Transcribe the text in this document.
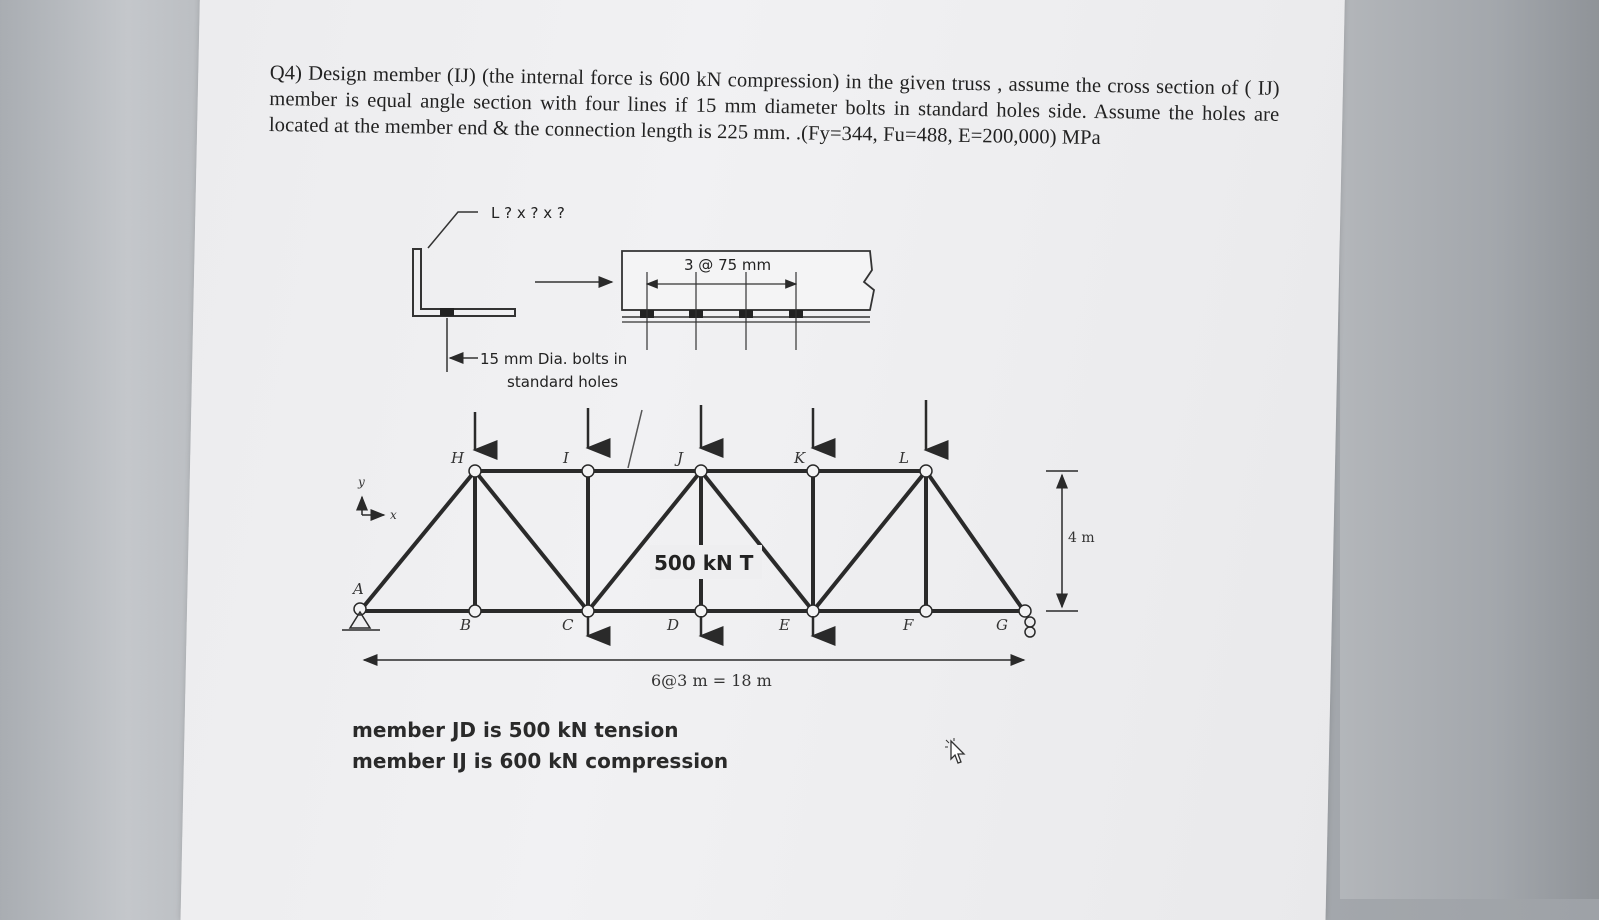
Q4) Design member (IJ) (the internal force is 600 kN compression) in the given truss , assume the cross section of ( IJ) member is equal angle section with four lines if 15 mm diameter bolts in standard holes side. Assume the holes are located at the member end & the connection length is 225 mm. .(Fy=344, Fu=488, E=200,000) MPa
L ? x ? x ?
15 mm Dia. bolts in
standard holes
3 @ 75 mm
500 kN T
H	I	J	K	L
A
B	C	D	E	F	G
y
x
4 m
6@3 m = 18 m
member JD is 500 kN tension
member IJ is 600 kN compression
